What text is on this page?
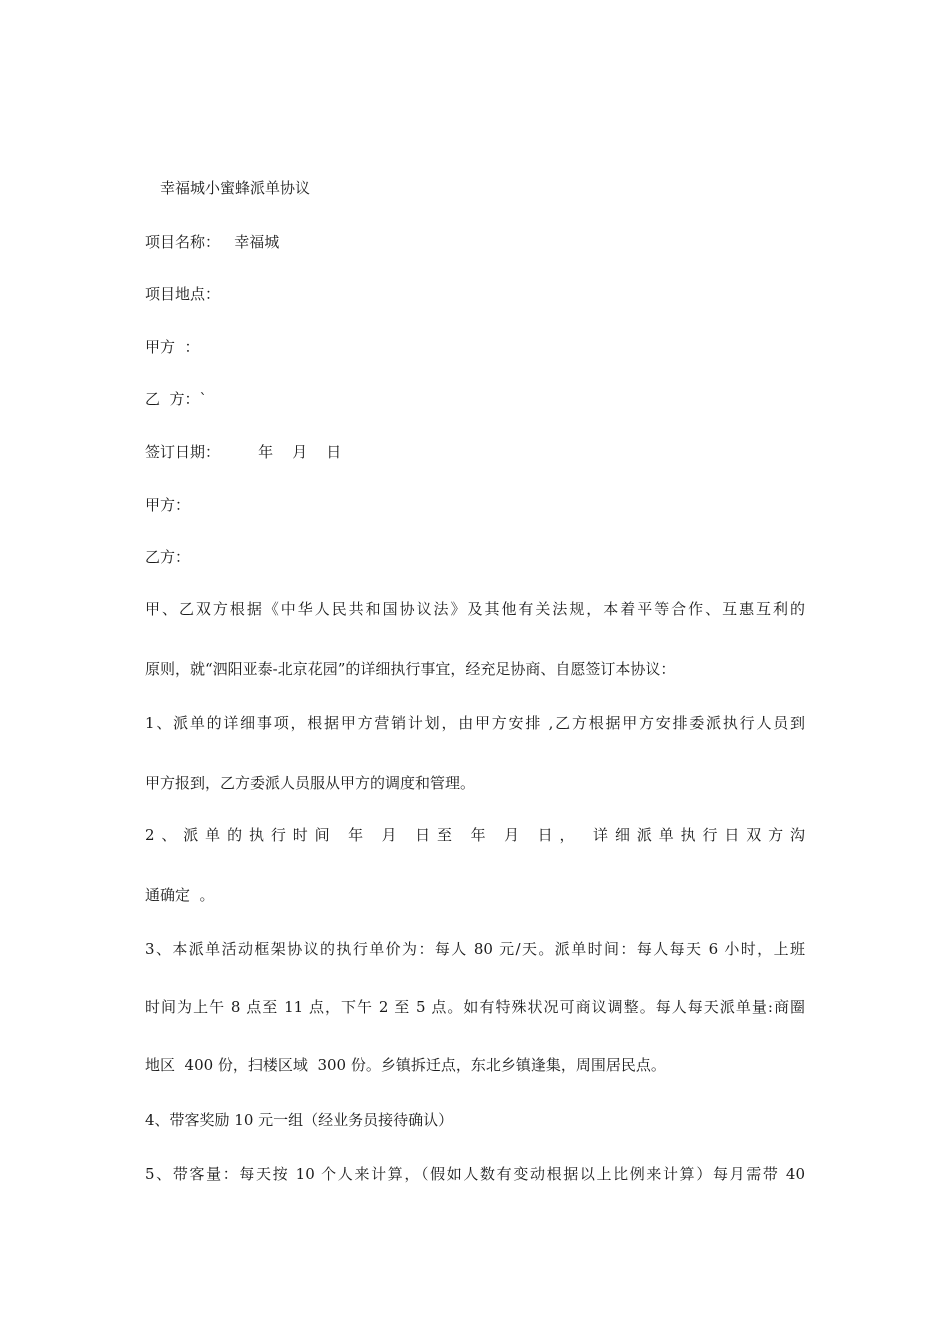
幸福城小蜜蜂派单协议
项目名称：   幸福城
项目地点：
甲方  ：
乙  方：`
签订日期：        年    月    日
甲方：
乙方：
甲、乙双方根据《中华人民共和国协议法》及其他有关法规，本着平等合作、互惠互利的
原则，就“泗阳亚泰-北京花园”的详细执行事宜，经充足协商、自愿签订本协议：
1、派单的详细事项，根据甲方营销计划，由甲方安排 ,乙方根据甲方安排委派执行人员到
甲方报到，乙方委派人员服从甲方的调度和管理。
2、派单的执行时间 年 月 日至 年 月 日， 详细派单执行日双方沟
通确定  。
3、本派单活动框架协议的执行单价为：每人 80 元/天。派单时间：每人每天 6 小时，上班
时间为上午 8 点至 11 点，下午 2 至 5 点。如有特殊状况可商议调整。每人每天派单量:商圈
地区  400 份，扫楼区域  300 份。乡镇拆迁点，东北乡镇逢集，周围居民点。
4、带客奖励 10 元一组（经业务员接待确认）
5、带客量：每天按 10 个人来计算，（假如人数有变动根据以上比例来计算）每月需带 40
